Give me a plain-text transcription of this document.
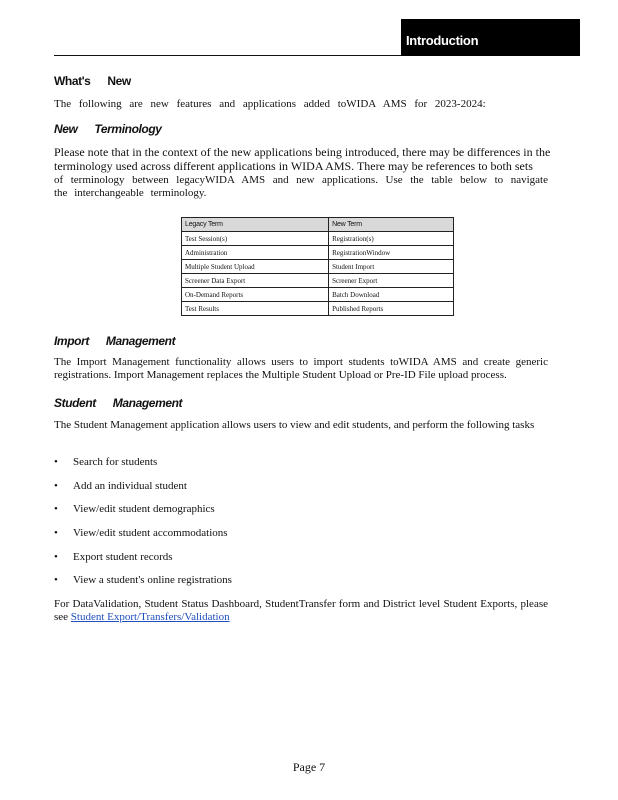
Introduction
What's New

The following are new features and applications added toWIDA AMS for 2023-2024:

New Terminology

Please note that in the context of the new applications being introduced, there may be differences in the

terminology used across different applications in WIDA AMS. There may be references to both sets

of terminology between legacyWIDA AMS and new applications. Use the table below to navigate the interchangeable terminology.

Legacy Term	New Term
Test Session(s)	Registration(s)
Administration	RegistrationWindow
Multiple Student Upload	Student Import
Screener Data Export	Screener Export
On-Demand Reports	Batch Download
Test Results	Published Reports
Import Management

The Import Management functionality allows users to import students toWIDA AMS and create generic registrations. Import Management replaces the Multiple Student Upload or Pre-ID File upload process.

Student Management

The Student Management application allows users to view and edit students, and perform the following tasks

• Search for students
• Add an individual student
• View/edit student demographics
• View/edit student accommodations
• Export student records
• View a student's online registrations

For DataValidation, Student Status Dashboard, StudentTransfer form and District level Student Exports, please see Student Export/Transfers/Validation

Page 7
